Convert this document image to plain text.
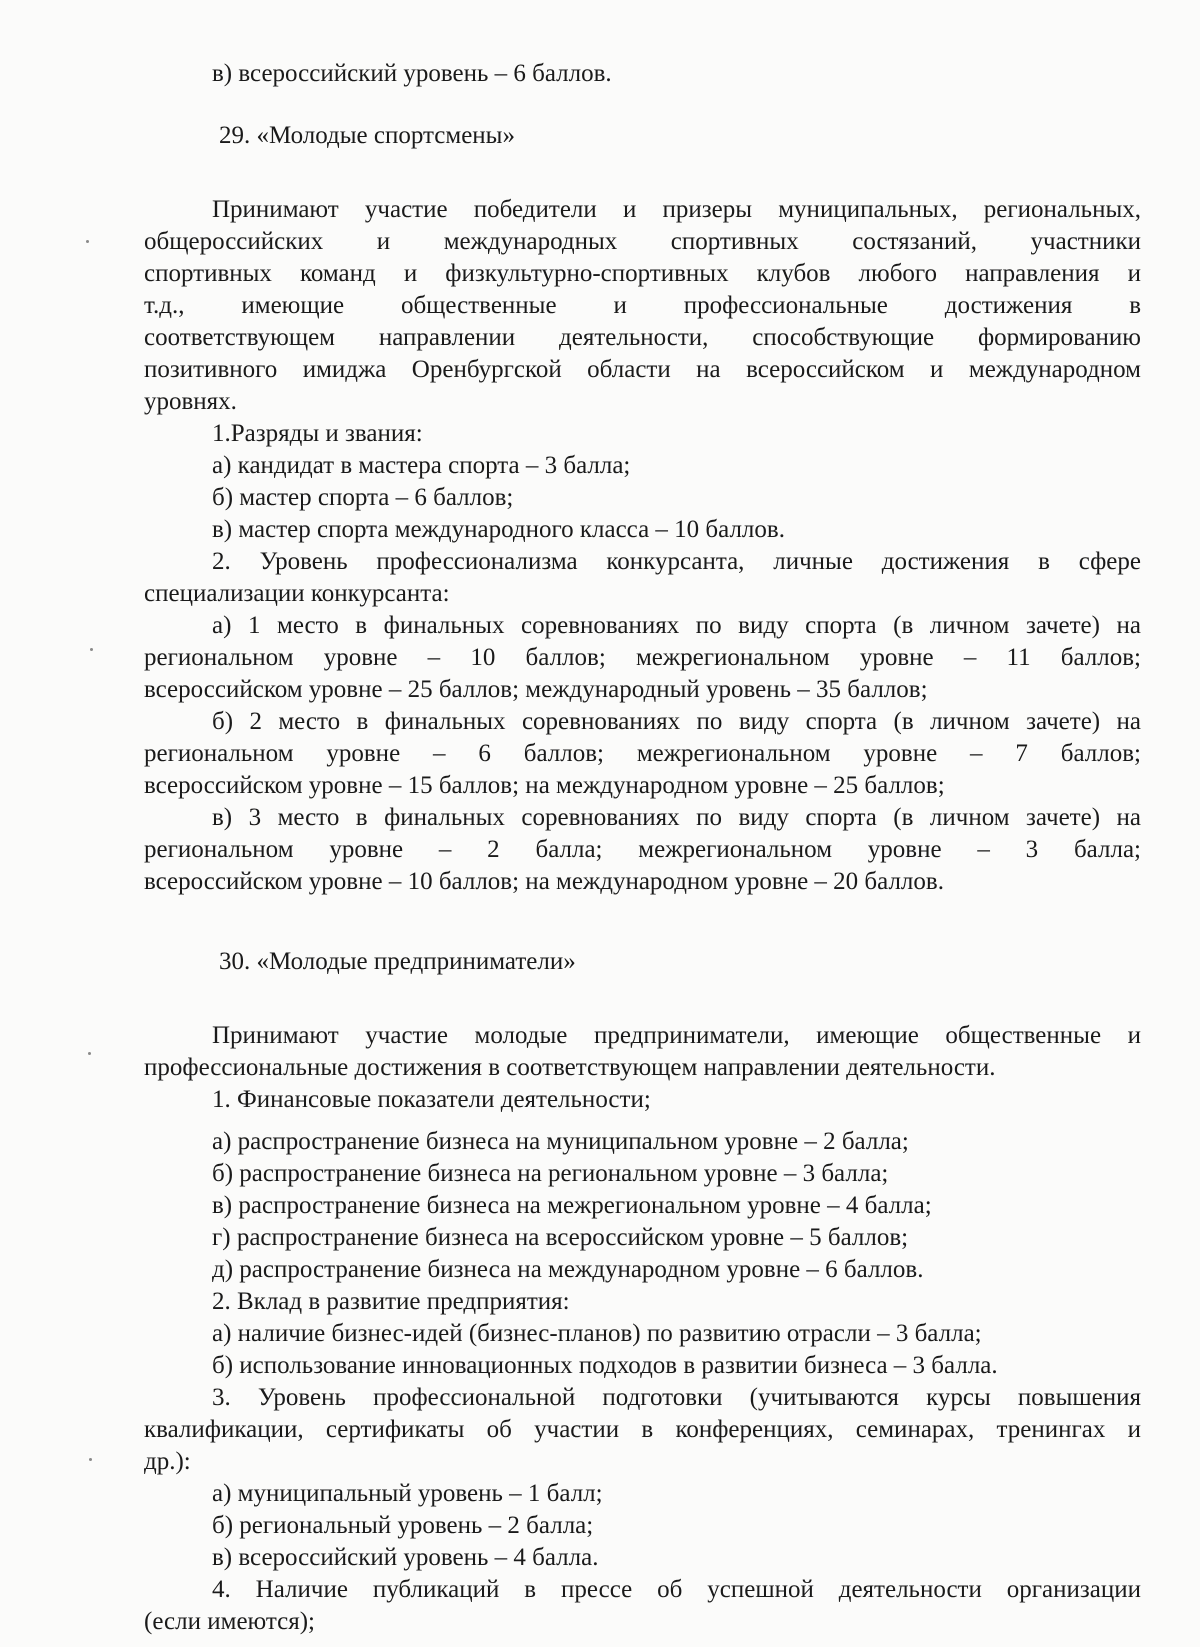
в) всероссийский уровень – 6 баллов.

29. «Молодые спортсмены»

Принимают участие победители и призеры муниципальных, региональных,

общероссийских и международных спортивных состязаний, участники

спортивных команд и физкультурно-спортивных клубов любого направления и

т.д., имеющие общественные и профессиональные достижения в

соответствующем направлении деятельности, способствующие формированию

позитивного имиджа Оренбургской области на всероссийском и международном

уровнях.

1.Разряды и звания:

а) кандидат в мастера спорта – 3 балла;

б) мастер спорта – 6 баллов;

в) мастер спорта международного класса – 10 баллов.

2. Уровень профессионализма конкурсанта, личные достижения в сфере

специализации конкурсанта:

а) 1 место в финальных соревнованиях по виду спорта (в личном зачете) на

региональном уровне – 10 баллов; межрегиональном уровне – 11 баллов;

всероссийском уровне – 25 баллов; международный уровень – 35 баллов;

б) 2 место в финальных соревнованиях по виду спорта (в личном зачете) на

региональном уровне – 6 баллов; межрегиональном уровне – 7 баллов;

всероссийском уровне – 15 баллов; на международном уровне – 25 баллов;

в) 3 место в финальных соревнованиях по виду спорта (в личном зачете) на

региональном уровне – 2 балла; межрегиональном уровне – 3 балла;

всероссийском уровне – 10 баллов; на международном уровне – 20 баллов.

30. «Молодые предприниматели»

Принимают участие молодые предприниматели, имеющие общественные и

профессиональные достижения в соответствующем направлении деятельности.

1. Финансовые показатели деятельности;

а) распространение бизнеса на муниципальном уровне – 2 балла;

б) распространение бизнеса на региональном уровне – 3 балла;

в) распространение бизнеса на межрегиональном уровне – 4 балла;

г) распространение бизнеса на всероссийском уровне – 5 баллов;

д) распространение бизнеса на международном уровне – 6 баллов.

2. Вклад в развитие предприятия:

а) наличие бизнес-идей (бизнес-планов) по развитию отрасли – 3 балла;

б) использование инновационных подходов в развитии бизнеса – 3 балла.

3. Уровень профессиональной подготовки (учитываются курсы повышения

квалификации, сертификаты об участии в конференциях, семинарах, тренингах и

др.):

а) муниципальный уровень – 1 балл;

б) региональный уровень – 2 балла;

в) всероссийский уровень – 4 балла.

4. Наличие публикаций в прессе об успешной деятельности организации

(если имеются);
